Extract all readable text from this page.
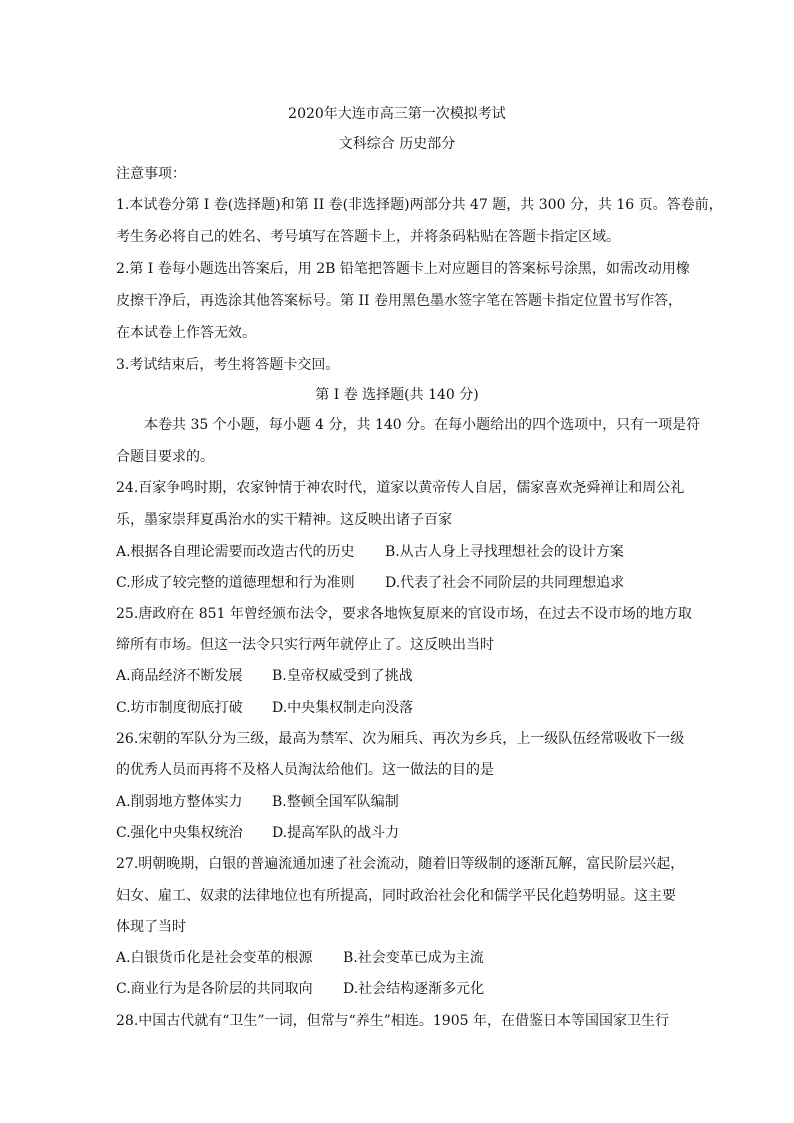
2020年大连市高三第一次模拟考试
文科综合 历史部分
注意事项：
1.本试卷分第 I 卷(选择题)和第 II 卷(非选择题)两部分共 47 题，共 300 分，共 16 页。答卷前，
考生务必将自己的姓名、考号填写在答题卡上，并将条码粘贴在答题卡指定区域。
2.第 I 卷每小题选出答案后，用 2B 铅笔把答题卡上对应题目的答案标号涂黑，如需改动用橡
皮擦干净后，再选涂其他答案标号。第 II 卷用黑色墨水签字笔在答题卡指定位置书写作答，
在本试卷上作答无效。
3.考试结束后，考生将答题卡交回。
第 I 卷 选择题(共 140 分)
本卷共 35 个小题，每小题 4 分，共 140 分。在每小题给出的四个选项中，只有一项是符
合题目要求的。
24.百家争鸣时期，农家钟情于神农时代，道家以黄帝传人自居，儒家喜欢尧舜禅让和周公礼
乐，墨家崇拜夏禹治水的实干精神。这反映出诸子百家
A.根据各自理论需要而改造古代的历史 B.从古人身上寻找理想社会的设计方案
C.形成了较完整的道德理想和行为准则 D.代表了社会不同阶层的共同理想追求
25.唐政府在 851 年曾经颁布法令，要求各地恢复原来的官设市场，在过去不设市场的地方取
缔所有市场。但这一法令只实行两年就停止了。这反映出当时
A.商品经济不断发展 B.皇帝权威受到了挑战
C.坊市制度彻底打破 D.中央集权制走向没落
26.宋朝的军队分为三级，最高为禁军、次为厢兵、再次为乡兵，上一级队伍经常吸收下一级
的优秀人员而再将不及格人员淘汰给他们。这一做法的目的是
A.削弱地方整体实力 B.整顿全国军队编制
C.强化中央集权统治 D.提高军队的战斗力
27.明朝晚期，白银的普遍流通加速了社会流动，随着旧等级制的逐渐瓦解，富民阶层兴起，
妇女、雇工、奴隶的法律地位也有所提高，同时政治社会化和儒学平民化趋势明显。这主要
体现了当时
A.白银货币化是社会变革的根源 B.社会变革已成为主流
C.商业行为是各阶层的共同取向 D.社会结构逐渐多元化
28.中国古代就有“卫生”一词，但常与“养生”相连。1905 年，在借鉴日本等国国家卫生行
